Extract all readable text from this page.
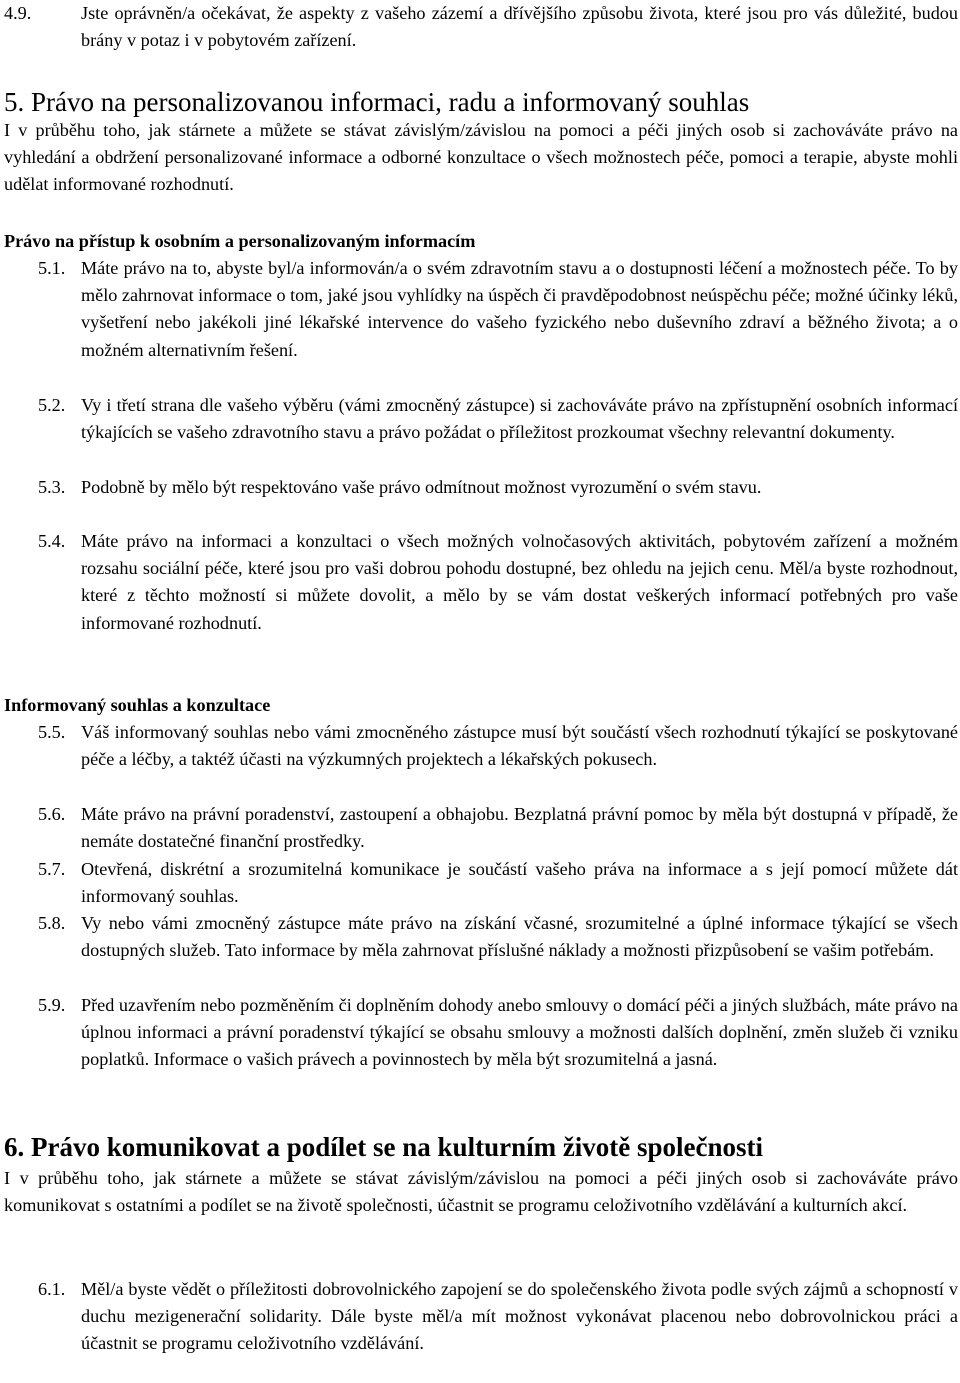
4.9.	Jste oprávněn/a očekávat, že aspekty z vašeho zázemí a dřívějšího způsobu života, které jsou pro vás důležité, budou brány v potaz i v pobytovém zařízení.
5. Právo na personalizovanou informaci, radu a informovaný souhlas
I v průběhu toho, jak stárnete a můžete se stávat závislým/závislou na pomoci a péči jiných osob si zachováváte právo na vyhledání a obdržení personalizované informace a odborné konzultace o všech možnostech péče, pomoci a terapie, abyste mohli udělat informované rozhodnutí.
Právo na přístup k osobním a personalizovaným informacím
5.1. Máte právo na to, abyste byl/a informován/a o svém zdravotním stavu a o dostupnosti léčení a možnostech péče. To by mělo zahrnovat informace o tom, jaké jsou vyhlídky na úspěch či pravděpodobnost neúspěchu péče; možné účinky léků, vyšetření nebo jakékoli jiné lékařské intervence do vašeho fyzického nebo duševního zdraví a běžného života; a o možném alternativním řešení.
5.2. Vy i třetí strana dle vašeho výběru (vámi zmocněný zástupce) si zachováváte právo na zpřístupnění osobních informací týkajících se vašeho zdravotního stavu a právo požádat o příležitost prozkoumat všechny relevantní dokumenty.
5.3. Podobně by mělo být respektováno vaše právo odmítnout možnost vyrozumění o svém stavu.
5.4. Máte právo na informaci a konzultaci o všech možných volnočasových aktivitách, pobytovém zařízení a možném rozsahu sociální péče, které jsou pro vaši dobrou pohodu dostupné, bez ohledu na jejich cenu. Měl/a byste rozhodnout, které z těchto možností si můžete dovolit, a mělo by se vám dostat veškerých informací potřebných pro vaše informované rozhodnutí.
Informovaný souhlas a konzultace
5.5. Váš informovaný souhlas nebo vámi zmocněného zástupce musí být součástí všech rozhodnutí týkající se poskytované péče a léčby, a taktéž účasti na výzkumných projektech a lékařských pokusech.
5.6. Máte právo na právní poradenství, zastoupení a obhajobu. Bezplatná právní pomoc by měla být dostupná v případě, že nemáte dostatečné finanční prostředky.
5.7. Otevřená, diskrétní a srozumitelná komunikace je součástí vašeho práva na informace a s její pomocí můžete dát informovaný souhlas.
5.8. Vy nebo vámi zmocněný zástupce máte právo na získání včasné, srozumitelné a úplné informace týkající se všech dostupných služeb. Tato informace by měla zahrnovat příslušné náklady a možnosti přizpůsobení se vašim potřebám.
5.9. Před uzavřením nebo pozměněním či doplněním dohody anebo smlouvy o domácí péči a jiných službách, máte právo na úplnou informaci a právní poradenství týkající se obsahu smlouvy a možnosti dalších doplnění, změn služeb či vzniku poplatků. Informace o vašich právech a povinnostech by měla být srozumitelná a jasná.
6. Právo komunikovat a podílet se na kulturním životě společnosti
I v průběhu toho, jak stárnete a můžete se stávat závislým/závislou na pomoci a péči jiných osob si zachováváte právo komunikovat s ostatními a podílet se na životě společnosti, účastnit se programu celoživotního vzdělávání a kulturních akcí.
6.1. Měl/a byste vědět o příležitosti dobrovolnického zapojení se do společenského života podle svých zájmů a schopností v duchu mezigenerační solidarity. Dále byste měl/a mít možnost vykonávat placenou nebo dobrovolnickou práci a účastnit se programu celoživotního vzdělávání.
